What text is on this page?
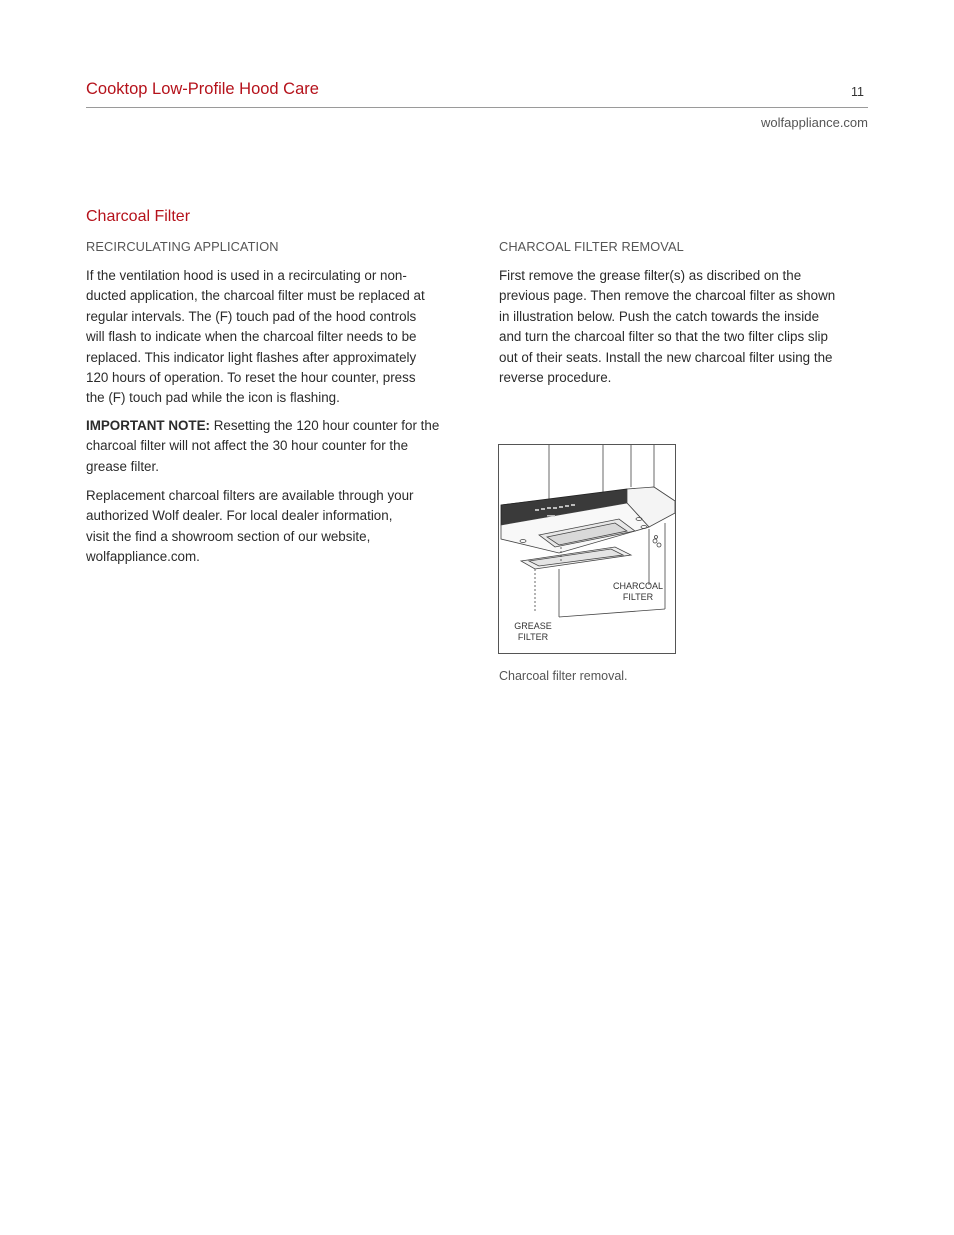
Cooktop Low-Profile Hood Care	11
wolfappliance.com
Charcoal Filter
RECIRCULATING APPLICATION

If the ventilation hood is used in a recirculating or non-
ducted application, the charcoal filter must be replaced at
regular intervals. The (F) touch pad of the hood controls
will flash to indicate when the charcoal filter needs to be
replaced. This indicator light flashes after approximately
120 hours of operation. To reset the hour counter, press
the (F) touch pad while the icon is flashing.

IMPORTANT NOTE: Resetting the 120 hour counter for the
charcoal filter will not affect the 30 hour counter for the
grease filter.

Replacement charcoal filters are available through your
authorized Wolf dealer. For local dealer information,
visit the find a showroom section of our website,
wolfappliance.com.

CHARCOAL FILTER REMOVAL

First remove the grease filter(s) as discribed on the
previous page. Then remove the charcoal filter as shown
in illustration below. Push the catch towards the inside
and turn the charcoal filter so that the two filter clips slip
out of their seats. Install the new charcoal filter using the
reverse procedure.

CHARCOAL
FILTER
GREASE
FILTER
Charcoal filter removal.
